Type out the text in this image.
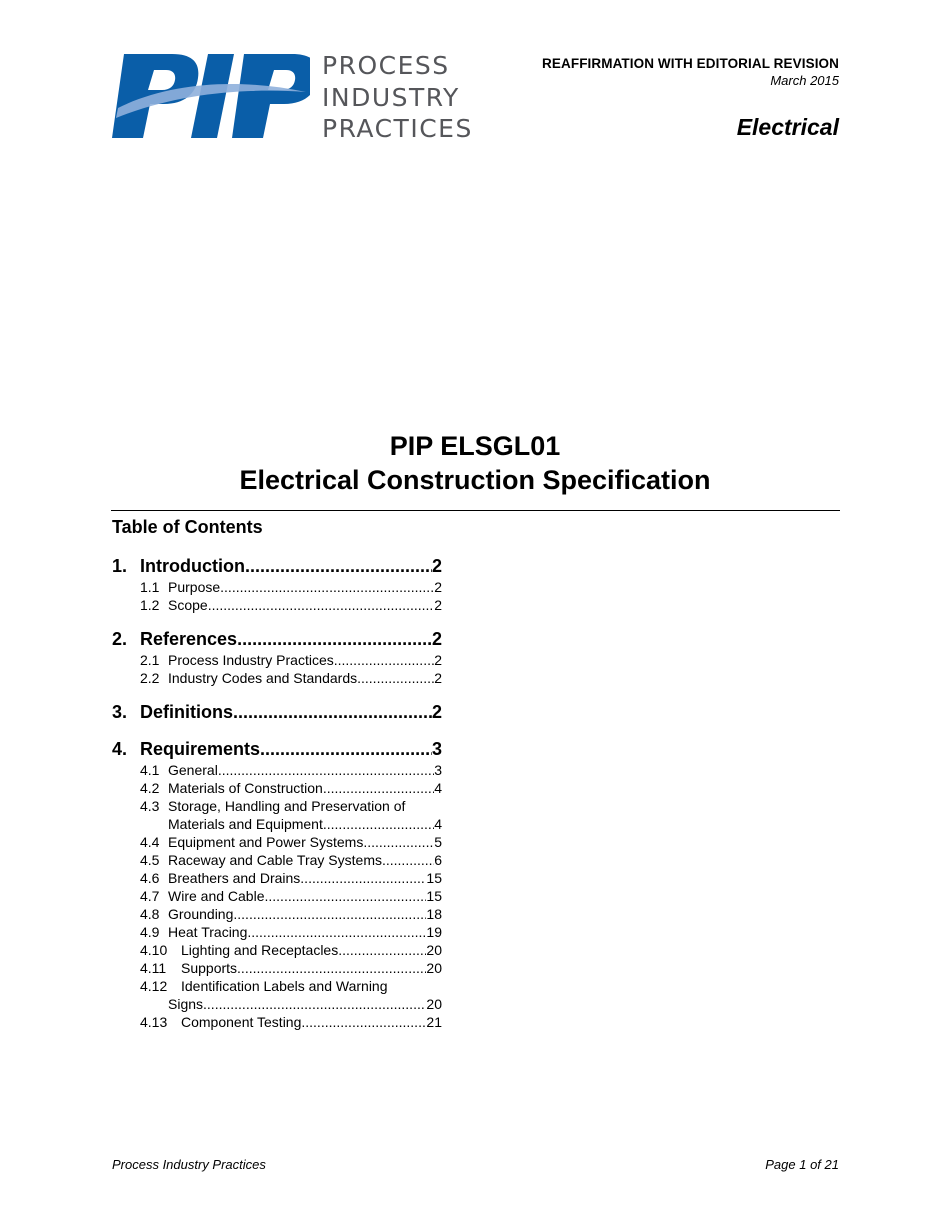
PROCESS
INDUSTRY
PRACTICES
REAFFIRMATION WITH EDITORIAL REVISION
March 2015
Electrical
PIP ELSGL01
Electrical Construction Specification
Table of Contents
1. Introduction .....	2
1.1 Purpose .....	2
1.2 Scope .....	2
2. References .....	2
2.1 Process Industry Practices .....	2
2.2 Industry Codes and Standards .....	2
3. Definitions .....	2
4. Requirements .....	3
4.1 General .....	3
4.2 Materials of Construction .....	4
4.3 Storage, Handling and Preservation of
Materials and Equipment .....	4
4.4 Equipment and Power Systems .....	5
4.5 Raceway and Cable Tray Systems .....	6
4.6 Breathers and Drains .....	15
4.7 Wire and Cable .....	15
4.8 Grounding .....	18
4.9 Heat Tracing .....	19
4.10 Lighting and Receptacles .....	20
4.11	Supports .....	20
4.12 Identification Labels and Warning
Signs .....	20
4.13 Component Testing .....	21
Process Industry Practices	Page 1 of 21
